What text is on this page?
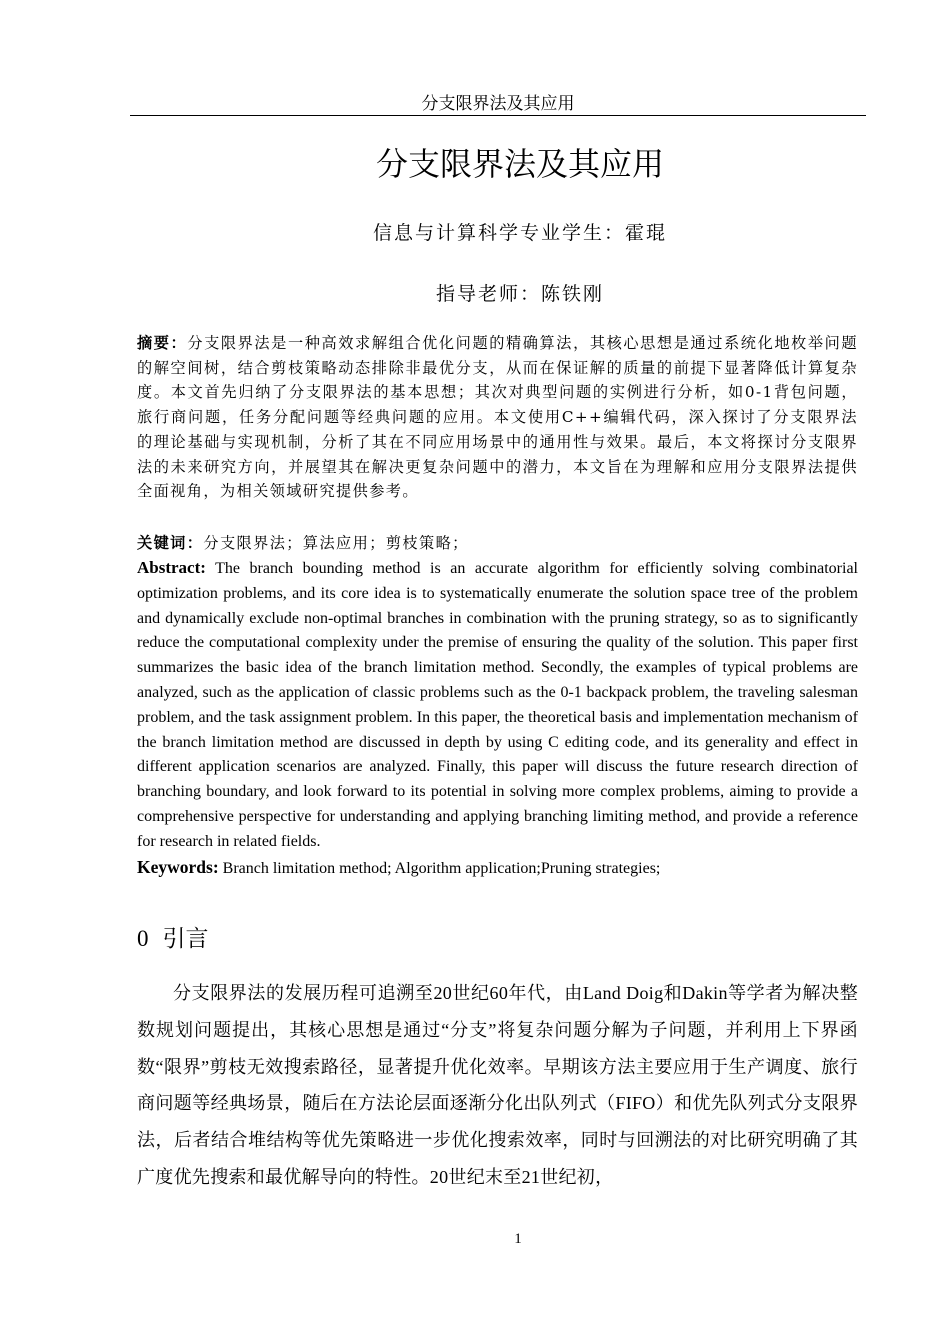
分支限界法及其应用
分支限界法及其应用
信息与计算科学专业学生：霍琨
指导老师：陈铁刚
摘要：分支限界法是一种高效求解组合优化问题的精确算法，其核心思想是通过系统化地枚举问题的解空间树，结合剪枝策略动态排除非最优分支，从而在保证解的质量的前提下显著降低计算复杂度。本文首先归纳了分支限界法的基本思想；其次对典型问题的实例进行分析，如0-1背包问题，旅行商问题，任务分配问题等经典问题的应用。本文使用C++编辑代码，深入探讨了分支限界法的理论基础与实现机制，分析了其在不同应用场景中的通用性与效果。最后，本文将探讨分支限界法的未来研究方向，并展望其在解决更复杂问题中的潜力，本文旨在为理解和应用分支限界法提供全面视角，为相关领域研究提供参考。
关键词：分支限界法；算法应用；剪枝策略；
Abstract: The branch bounding method is an accurate algorithm for efficiently solving combinatorial optimization problems, and its core idea is to systematically enumerate the solution space tree of the problem and dynamically exclude non-optimal branches in combination with the pruning strategy, so as to significantly reduce the computational complexity under the premise of ensuring the quality of the solution. This paper first summarizes the basic idea of the branch limitation method. Secondly, the examples of typical problems are analyzed, such as the application of classic problems such as the 0-1 backpack problem, the traveling salesman problem, and the task assignment problem. In this paper, the theoretical basis and implementation mechanism of the branch limitation method are discussed in depth by using C editing code, and its generality and effect in different application scenarios are analyzed. Finally, this paper will discuss the future research direction of branching boundary, and look forward to its potential in solving more complex problems, aiming to provide a comprehensive perspective for understanding and applying branching limiting method, and provide a reference for research in related fields.
Keywords: Branch limitation method; Algorithm application;Pruning strategies;
0 引言
分支限界法的发展历程可追溯至20世纪60年代，由Land Doig和Dakin等学者为解决整数规划问题提出，其核心思想是通过“分支”将复杂问题分解为子问题，并利用上下界函数“限界”剪枝无效搜索路径，显著提升优化效率。早期该方法主要应用于生产调度、旅行商问题等经典场景，随后在方法论层面逐渐分化出队列式（FIFO）和优先队列式分支限界法，后者结合堆结构等优先策略进一步优化搜索效率，同时与回溯法的对比研究明确了其广度优先搜索和最优解导向的特性。20世纪末至21世纪初，
1
